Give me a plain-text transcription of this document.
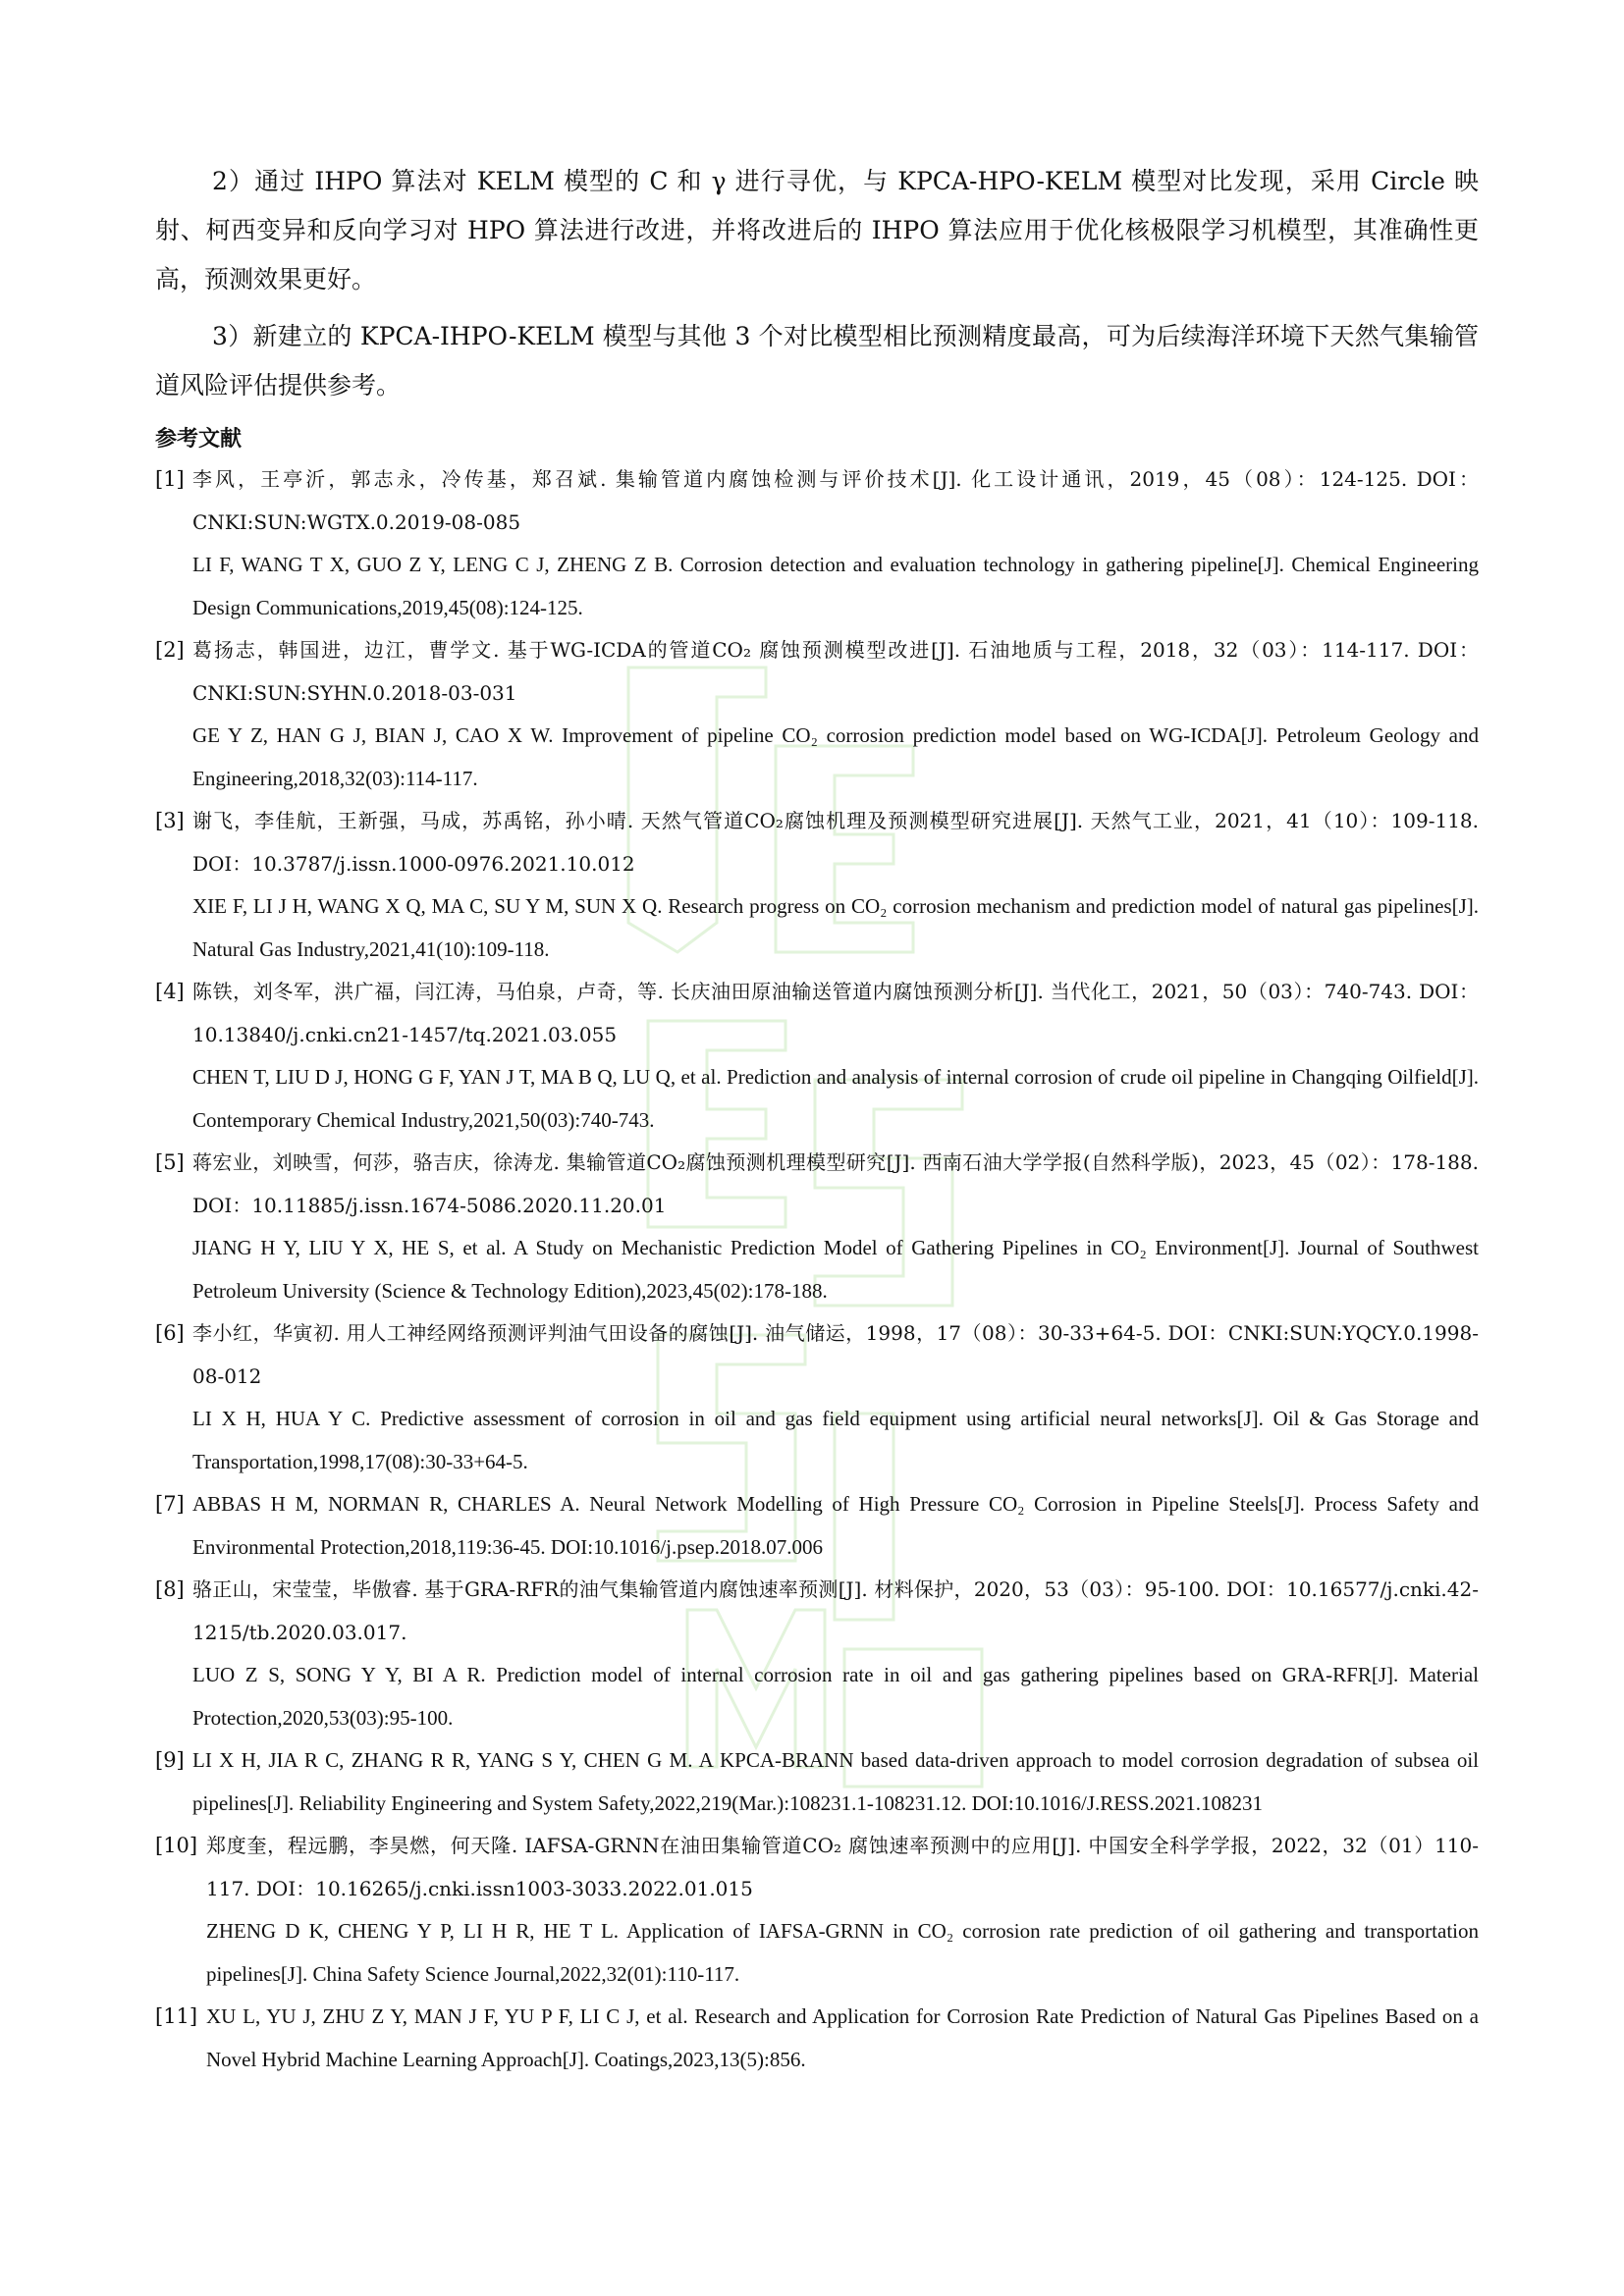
2）通过 IHPO 算法对 KELM 模型的 C 和 γ 进行寻优，与 KPCA-HPO-KELM 模型对比发现，采用 Circle 映射、柯西变异和反向学习对 HPO 算法进行改进，并将改进后的 IHPO 算法应用于优化核极限学习机模型，其准确性更高，预测效果更好。

3）新建立的 KPCA-IHPO-KELM 模型与其他 3 个对比模型相比预测精度最高，可为后续海洋环境下天然气集输管道风险评估提供参考。

参考文献
[1] 李风，王亭沂，郭志永，冷传基，郑召斌. 集输管道内腐蚀检测与评价技术[J]. 化工设计通讯，2019，45（08）：124-125. DOI：CNKI:SUN:WGTX.0.2019-08-085
LI F, WANG T X, GUO Z Y, LENG C J, ZHENG Z B. Corrosion detection and evaluation technology in gathering pipeline[J]. Chemical Engineering Design Communications,2019,45(08):124-125.
[2] 葛扬志，韩国进，边江，曹学文. 基于WG-ICDA的管道CO₂ 腐蚀预测模型改进[J]. 石油地质与工程，2018，32（03）：114-117. DOI：CNKI:SUN:SYHN.0.2018-03-031
GE Y Z, HAN G J, BIAN J, CAO X W. Improvement of pipeline CO₂ corrosion prediction model based on WG-ICDA[J]. Petroleum Geology and Engineering,2018,32(03):114-117.
[3] 谢飞，李佳航，王新强，马成，苏禹铭，孙小晴. 天然气管道CO₂腐蚀机理及预测模型研究进展[J]. 天然气工业，2021，41（10）：109-118. DOI：10.3787/j.issn.1000-0976.2021.10.012
XIE F, LI J H, WANG X Q, MA C, SU Y M, SUN X Q. Research progress on CO₂ corrosion mechanism and prediction model of natural gas pipelines[J]. Natural Gas Industry,2021,41(10):109-118.
[4] 陈铁，刘冬军，洪广福，闫江涛，马伯泉，卢奇，等. 长庆油田原油输送管道内腐蚀预测分析[J]. 当代化工，2021，50（03）：740-743. DOI：10.13840/j.cnki.cn21-1457/tq.2021.03.055
CHEN T, LIU D J, HONG G F, YAN J T, MA B Q, LU Q, et al. Prediction and analysis of internal corrosion of crude oil pipeline in Changqing Oilfield[J]. Contemporary Chemical Industry,2021,50(03):740-743.
[5] 蒋宏业，刘映雪，何莎，骆吉庆，徐涛龙. 集输管道CO₂腐蚀预测机理模型研究[J]. 西南石油大学学报(自然科学版)，2023，45（02）：178-188. DOI：10.11885/j.issn.1674-5086.2020.11.20.01
JIANG H Y, LIU Y X, HE S, et al. A Study on Mechanistic Prediction Model of Gathering Pipelines in CO₂ Environment[J]. Journal of Southwest Petroleum University (Science & Technology Edition),2023,45(02):178-188.
[6] 李小红，华寅初. 用人工神经网络预测评判油气田设备的腐蚀[J]. 油气储运，1998，17（08）：30-33+64-5. DOI：CNKI:SUN:YQCY.0.1998-08-012
LI X H, HUA Y C. Predictive assessment of corrosion in oil and gas field equipment using artificial neural networks[J]. Oil & Gas Storage and Transportation,1998,17(08):30-33+64-5.
[7] ABBAS H M, NORMAN R, CHARLES A. Neural Network Modelling of High Pressure CO₂ Corrosion in Pipeline Steels[J]. Process Safety and Environmental Protection,2018,119:36-45. DOI:10.1016/j.psep.2018.07.006
[8] 骆正山，宋莹莹，毕傲睿. 基于GRA-RFR的油气集输管道内腐蚀速率预测[J]. 材料保护，2020，53（03）：95-100. DOI：10.16577/j.cnki.42-1215/tb.2020.03.017.
LUO Z S, SONG Y Y, BI A R. Prediction model of internal corrosion rate in oil and gas gathering pipelines based on GRA-RFR[J]. Material Protection,2020,53(03):95-100.
[9] LI X H, JIA R C, ZHANG R R, YANG S Y, CHEN G M. A KPCA-BRANN based data-driven approach to model corrosion degradation of subsea oil pipelines[J]. Reliability Engineering and System Safety,2022,219(Mar.):108231.1-108231.12. DOI:10.1016/J.RESS.2021.108231
[10] 郑度奎，程远鹏，李昊燃，何天隆. IAFSA-GRNN在油田集输管道CO₂ 腐蚀速率预测中的应用[J]. 中国安全科学学报，2022，32（01）110-117. DOI：10.16265/j.cnki.issn1003-3033.2022.01.015
ZHENG D K, CHENG Y P, LI H R, HE T L. Application of IAFSA-GRNN in CO₂ corrosion rate prediction of oil gathering and transportation pipelines[J]. China Safety Science Journal,2022,32(01):110-117.
[11] XU L, YU J, ZHU Z Y, MAN J F, YU P F, LI C J, et al. Research and Application for Corrosion Rate Prediction of Natural Gas Pipelines Based on a Novel Hybrid Machine Learning Approach[J]. Coatings,2023,13(5):856.
